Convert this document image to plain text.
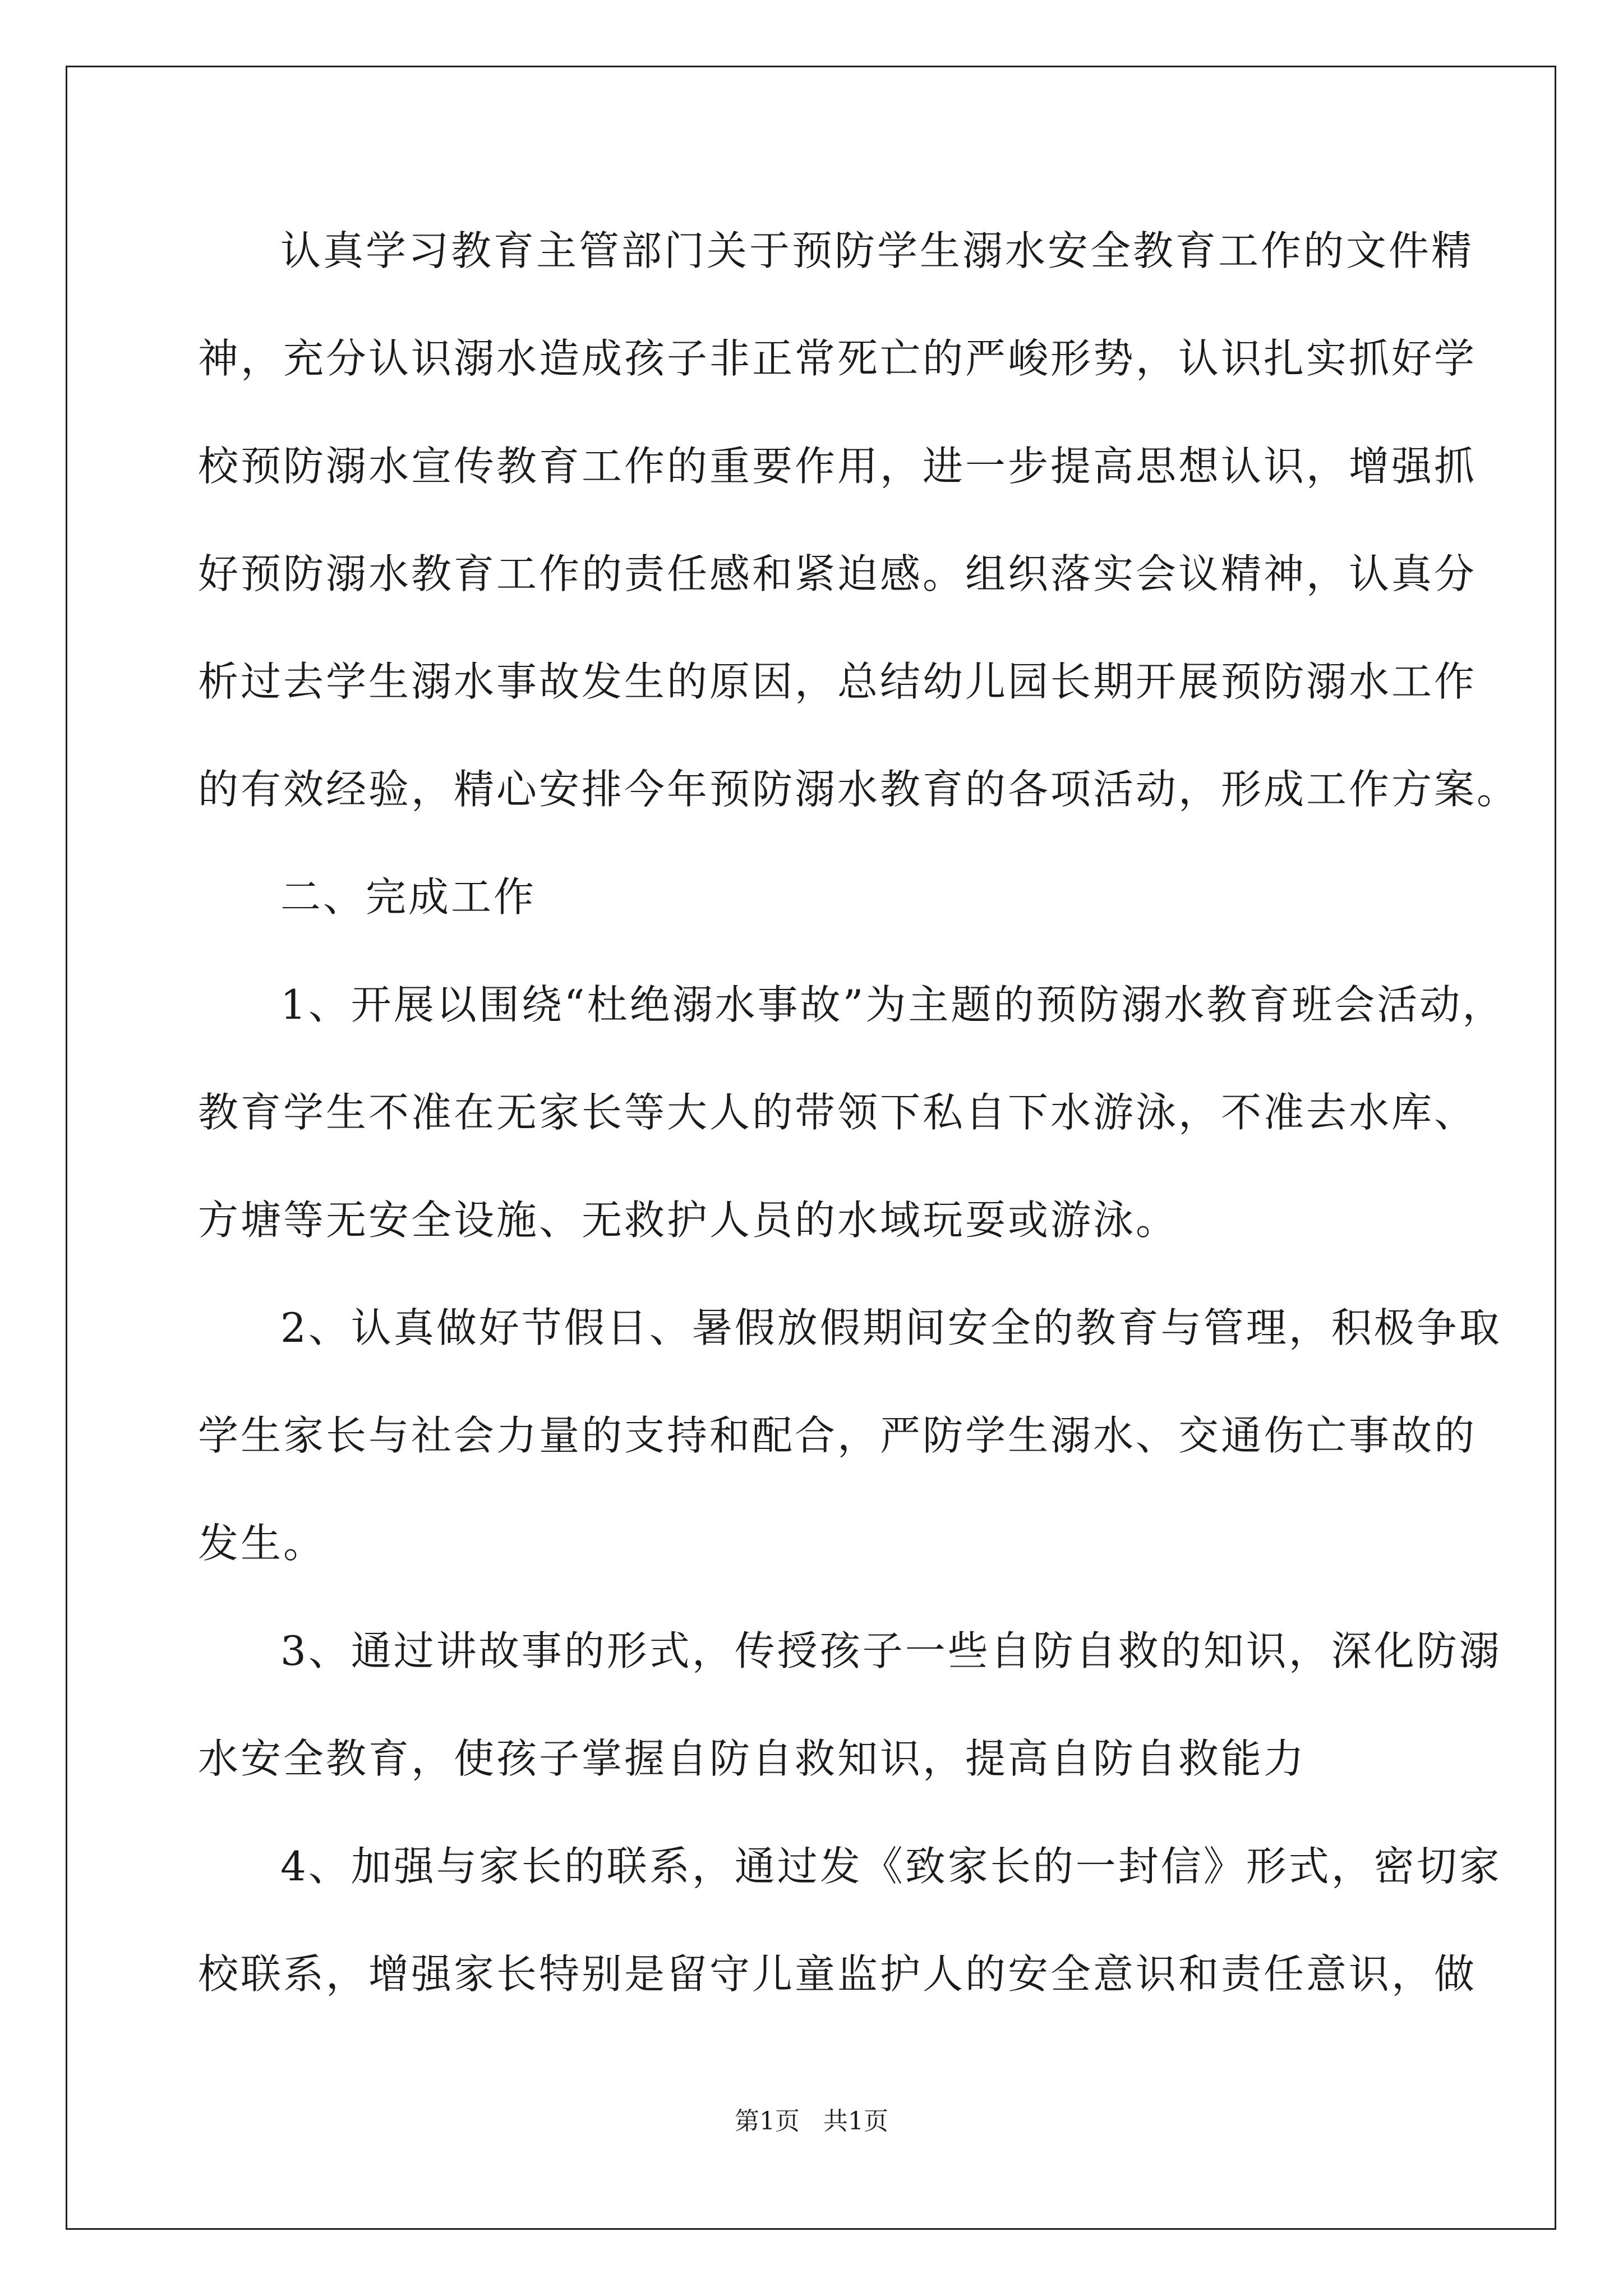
认真学习教育主管部门关于预防学生溺水安全教育工作的文件精
神，充分认识溺水造成孩子非正常死亡的严峻形势，认识扎实抓好学
校预防溺水宣传教育工作的重要作用，进一步提高思想认识，增强抓
好预防溺水教育工作的责任感和紧迫感。组织落实会议精神，认真分
析过去学生溺水事故发生的原因，总结幼儿园长期开展预防溺水工作
的有效经验，精心安排今年预防溺水教育的各项活动，形成工作方案。
二、完成工作
1、开展以围绕“杜绝溺水事故”为主题的预防溺水教育班会活动，
教育学生不准在无家长等大人的带领下私自下水游泳，不准去水库、
方塘等无安全设施、无救护人员的水域玩耍或游泳。
2、认真做好节假日、暑假放假期间安全的教育与管理，积极争取
学生家长与社会力量的支持和配合，严防学生溺水、交通伤亡事故的
发生。
3、通过讲故事的形式，传授孩子一些自防自救的知识，深化防溺
水安全教育，使孩子掌握自防自救知识，提高自防自救能力
4、加强与家长的联系，通过发《致家长的一封信》形式，密切家
校联系，增强家长特别是留守儿童监护人的安全意识和责任意识，做
第1页   共1页
